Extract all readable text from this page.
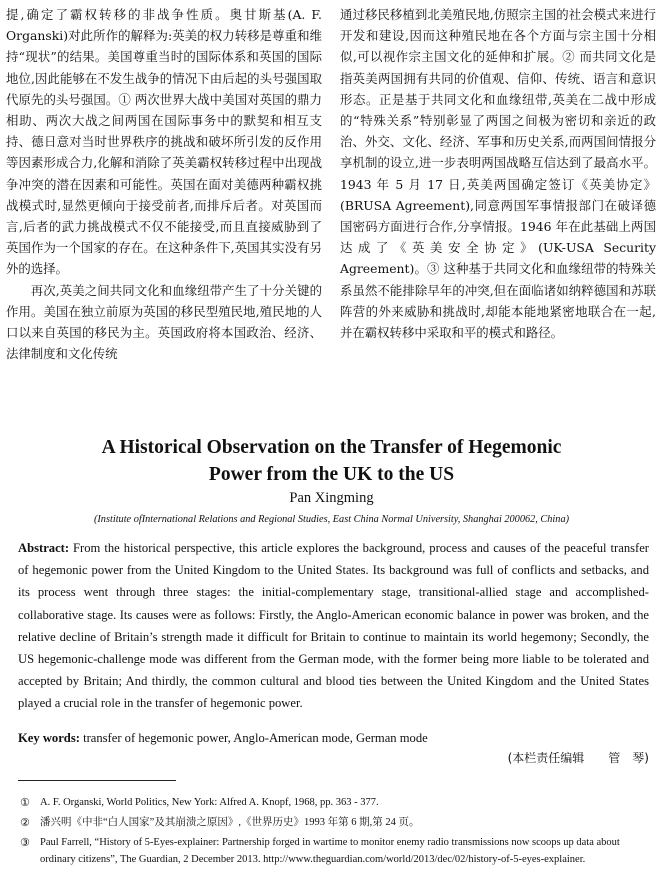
提,确定了霸权转移的非战争性质。奥甘斯基(A. F. Organski)对此所作的解释为:英美的权力转移是尊重和维持“现状”的结果。美国尊重当时的国际体系和英国的国际地位,因此能够在不发生战争的情况下由后起的头号强国取代原先的头号强国。① 两次世界大战中美国对英国的鼎力相助、两次大战之间两国在国际事务中的默契和相互支持、德日意对当时世界秩序的挑战和破坏所引发的反作用等因素形成合力,化解和消除了英美霸权转移过程中出现战争冲突的潜在因素和可能性。英国在面对美德两种霸权挑战模式时,显然更倾向于接受前者,而排斥后者。对英国而言,后者的武力挑战模式不仅不能接受,而且直接威胁到了英国作为一个国家的存在。在这种条件下,英国其实没有另外的选择。

再次,英美之间共同文化和血缘纽带产生了十分关键的作用。美国在独立前原为英国的移民型殖民地,殖民地的人口以来自英国的移民为主。英国政府将本国政治、经济、法律制度和文化传统

通过移民移植到北美殖民地,仿照宗主国的社会模式来进行开发和建设,因而这种殖民地在各个方面与宗主国十分相似,可以视作宗主国文化的延伸和扩展。② 而共同文化是指英美两国拥有共同的价值观、信仰、传统、语言和意识形态。正是基于共同文化和血缘纽带,英美在二战中形成的“特殊关系”特别彰显了两国之间极为密切和亲近的政治、外交、文化、经济、军事和历史关系,而两国间情报分享机制的设立,进一步表明两国战略互信达到了最高水平。1943 年 5 月 17 日,英美两国确定签订《英美协定》(BRUSA Agreement),同意两国军事情报部门在破译德国密码方面进行合作,分享情报。1946 年在此基础上两国达成了《英美安全协定》(UK-USA Security Agreement)。③ 这种基于共同文化和血缘纽带的特殊关系虽然不能排除早年的冲突,但在面临诸如纳粹德国和苏联阵营的外来威胁和挑战时,却能本能地紧密地联合在一起,并在霸权转移中采取和平的模式和路径。

A Historical Observation on the Transfer of Hegemonic
Power from the UK to the US
Pan Xingming
(Institute ofInternational Relations and Regional Studies, East China Normal University, Shanghai 200062, China)

Abstract: From the historical perspective, this article explores the background, process and causes of the peaceful transfer of hegemonic power from the United Kingdom to the United States. Its background was full of conflicts and setbacks, and its process went through three stages: the initial-complementary stage, transitional-allied stage and accomplished-collaborative stage. Its causes were as follows: Firstly, the Anglo-American economic balance in power was broken, and the relative decline of Britain’s strength made it difficult for Britain to continue to maintain its world hegemony; Secondly, the US hegemonic-challenge mode was different from the German mode, with the former being more liable to be tolerated and accepted by Britain; And thirdly, the common cultural and blood ties between the United Kingdom and the United States played a crucial role in the transfer of hegemonic power.

Key words: transfer of hegemonic power, Anglo-American mode, German mode

(本栏责任编辑　　管　琴)

① A. F. Organski, World Politics, New York: Alfred A. Knopf, 1968, pp. 363 - 377.

② 潘兴明《中非“白人国家”及其崩溃之原因》,《世界历史》1993 年第 6 期,第 24 页。

③ Paul Farrell, “History of 5-Eyes-explainer: Partnership forged in wartime to monitor enemy radio transmissions now scoops up data about ordinary citizens”, The Guardian, 2 December 2013. http://www.theguardian.com/world/2013/dec/02/history-of-5-eyes-explainer.
